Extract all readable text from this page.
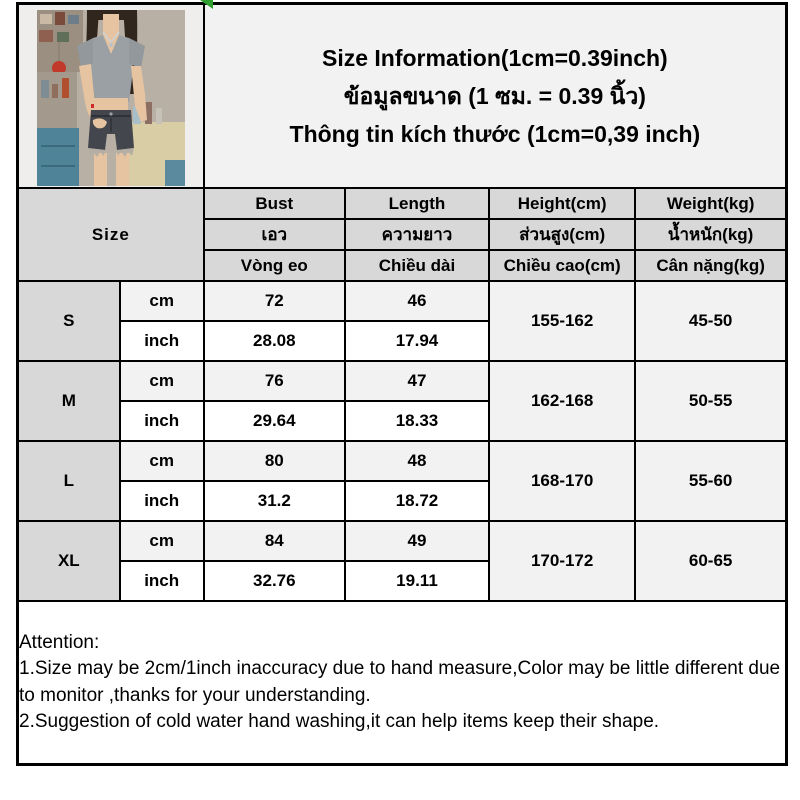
Size Information(1cm=0.39inch)
ข้อมูลขนาด (1 ซม. = 0.39 นิ้ว)
Thông tin kích thước (1cm=0,39 inch)			

Size		Bust	Length	Height(cm)	Weight(kg)
		เอว	ความยาว	ส่วนสูง(cm)	น้ำหนัก(kg)
		Vòng eo	Chiều dài	Chiều cao(cm)	Cân nặng(kg)
S	cm	72	46	155-162	45-50
	inch	28.08	17.94		
M	cm	76	47	162-168	50-55
	inch	29.64	18.33		
L	cm	80	48	168-170	55-60
	inch	31.2	18.72		
XL	cm	84	49	170-172	60-65
	inch	32.76	19.11		

Attention:
1.Size may be 2cm/1inch inaccuracy due to hand measure,Color may be little different due to monitor ,thanks for your understanding.
2.Suggestion of cold water hand washing,it can help items keep their shape.					
